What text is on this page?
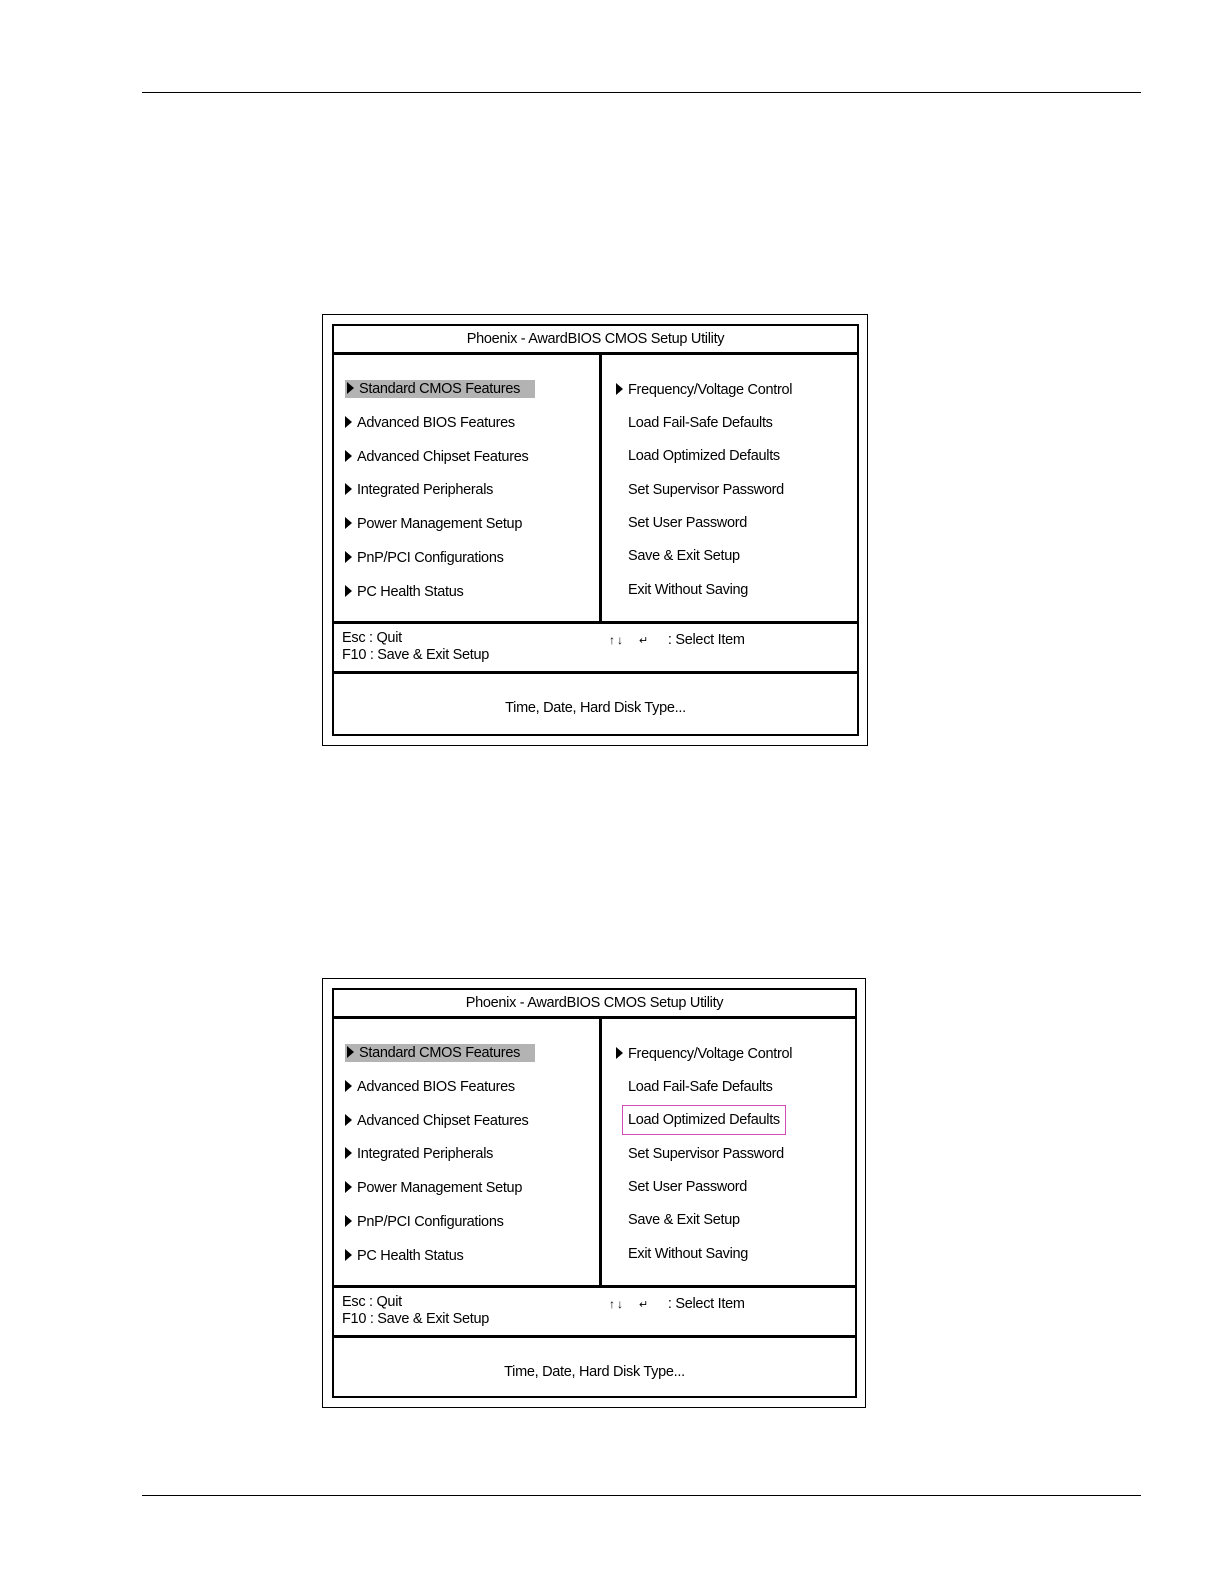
Phoenix - AwardBIOS CMOS Setup Utility
Standard CMOS Features
Advanced BIOS Features
Advanced Chipset Features
Integrated Peripherals
Power Management Setup
PnP/PCI Configurations
PC Health Status
Frequency/Voltage Control
Load Fail-Safe Defaults
Load Optimized Defaults
Set Supervisor Password
Set User Password
Save & Exit Setup
Exit Without Saving
Esc : Quit
F10 : Save & Exit Setup
↑↓ ↵ : Select Item
Time, Date, Hard Disk Type...
Phoenix - AwardBIOS CMOS Setup Utility
Standard CMOS Features
Advanced BIOS Features
Advanced Chipset Features
Integrated Peripherals
Power Management Setup
PnP/PCI Configurations
PC Health Status
Frequency/Voltage Control
Load Fail-Safe Defaults
Load Optimized Defaults
Set Supervisor Password
Set User Password
Save & Exit Setup
Exit Without Saving
Esc : Quit
F10 : Save & Exit Setup
↑↓ ↵ : Select Item
Time, Date, Hard Disk Type...
